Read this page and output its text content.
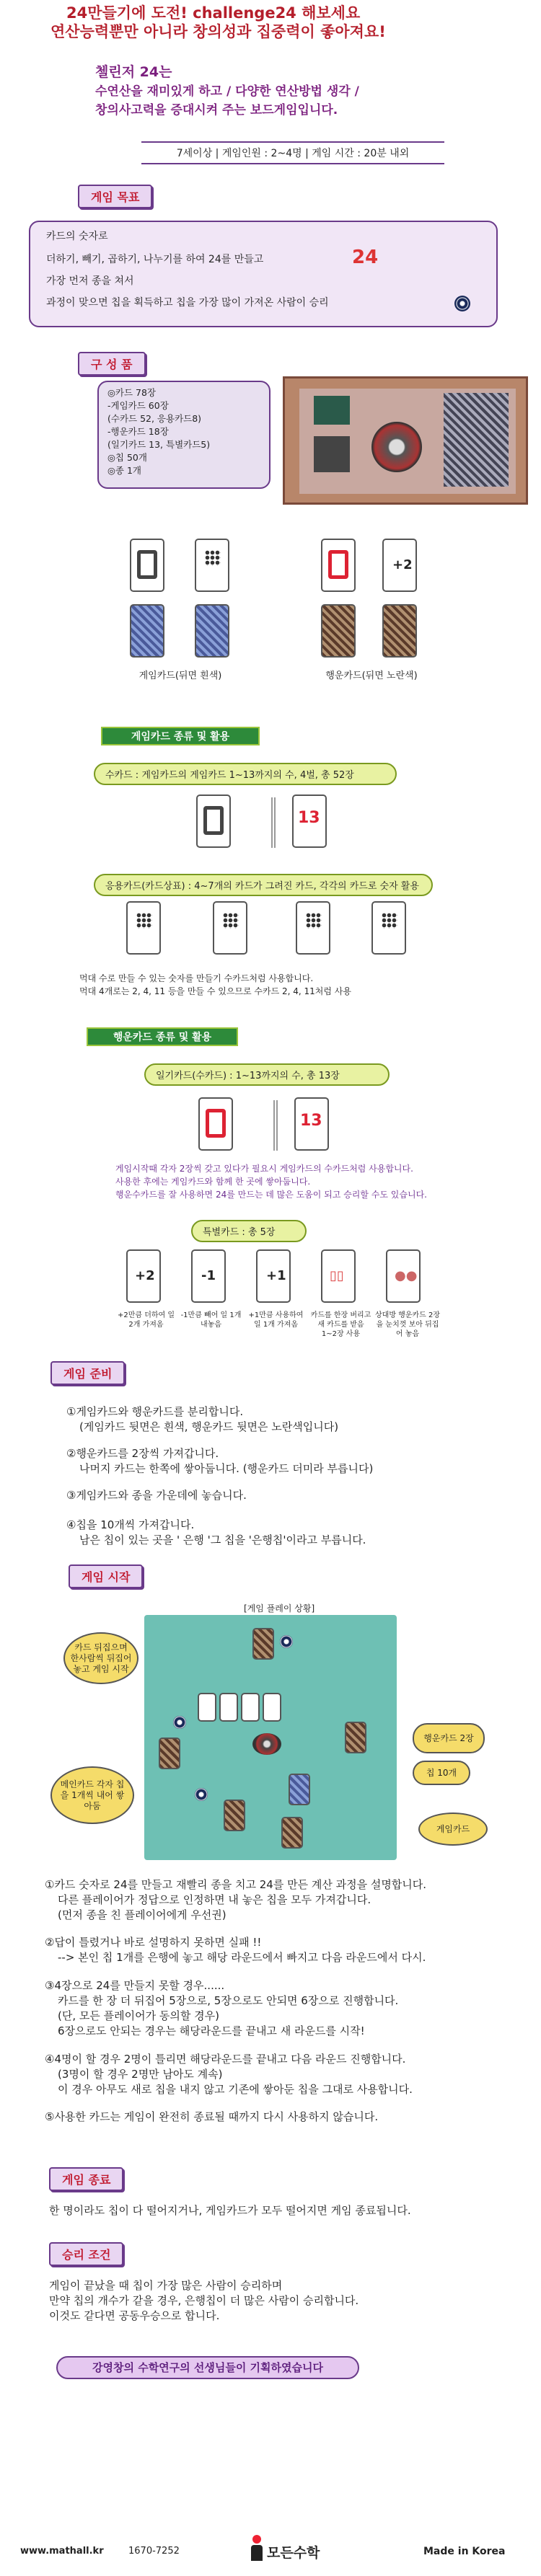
24만들기에 도전! challenge24 해보세요
연산능력뿐만 아니라 창의성과 집중력이 좋아져요!
첼린저 24는
수연산을 재미있게 하고 / 다양한 연산방법 생각 /
창의사고력을 증대시켜 주는 보드게임입니다.
7세이상 | 게임인원 : 2~4명 | 게임 시간 : 20분 내외
게임 목표
카드의 숫자로
더하기, 빼기, 곱하기, 나누기를 하여 24를 만들고	24
가장 먼저 종을 쳐서
과정이 맞으면 칩을 획득하고 칩을 가장 많이 가져온 사람이 승리
구 성 품
◎카드 78장
-게임카드 60장
(수카드 52, 응용카드8)
-행운카드 18장
(일기카드 13, 특별카드5)
◎칩 50개
◎종 1개
게임카드(뒤면 흰색)
+2
행운카드(뒤면 노란색)
게임카드 종류 및 활용
수카드 : 게임카드의 게임카드 1~13까지의 수, 4벌, 총 52장
13
응용카드(카드상표) : 4~7개의 카드가 그려진 카드, 각각의 카드로 숫자 활용
먹대 수로 만들 수 있는 숫자를 만들기 수카드처럼 사용합니다.
먹대 4개로는 2, 4, 11 등을 만들 수 있으므로 수카드 2, 4, 11처럼 사용
행운카드 종류 및 활용
일기카드(수카드) : 1~13까지의 수, 총 13장
13
게임시작때 각자 2장씩 갖고 있다가 필요시 게임카드의 수카드처럼 사용합니다.
사용한 후에는 게임카드와 함께 한 곳에 쌓아둡니다.
행운수카드를 잘 사용하면 24를 만드는 데 많은 도움이 되고 승리할 수도 있습니다.
특별카드 : 총 5장
+2	-1	+1	▯▯	●●
+2만큼 더하여 일 2개 가져옴
-1만큼 빼어 일 1개 내놓음
+1만큼 사용하여 일 1개 가져옴
카드를 한장 버리고 새 카드를 받음 1~2장 사용
상대방 행운카드 2장을 눈치껏 보아 뒤집어 놓음
게임 준비
①게임카드와 행운카드를 분리합니다.
(게임카드 뒷면은 흰색, 행운카드 뒷면은 노란색입니다)
②행운카드를 2장씩 가져갑니다.
나머지 카드는 한쪽에 쌓아둡니다. (행운카드 더미라 부릅니다)
③게임카드와 종을 가운데에 놓습니다.
④칩을 10개씩 가져갑니다.
남은 칩이 있는 곳을 ' 은행 '그 칩을 '은행칩'이라고 부릅니다.
게임 시작
[게임 플레이 상황]
카드 뒤집으며 한사람씩 뒤집어 놓고 게임 시작
행운카드 2장
칩 10개
메인카드 각자 칩을 1개씩 내어 쌓아둠
게임카드
①카드 숫자로 24를 만들고 재빨리 종을 치고 24를 만든 계산 과정을 설명합니다.
다른 플레이어가 정답으로 인정하면 내 놓은 칩을 모두 가져갑니다.
(먼저 종을 친 플레이어에게 우선권)
②답이 틀렸거나 바로 설명하지 못하면 실패 !!
--> 본인 칩 1개를 은행에 놓고 해당 라운드에서 빠지고 다음 라운드에서 다시.
③4장으로 24를 만들지 못할 경우......
카드를 한 장 더 뒤집어 5장으로, 5장으로도 안되면 6장으로 진행합니다.
(단, 모든 플레이어가 동의할 경우)
6장으로도 안되는 경우는 해당라운드를 끝내고 새 라운드를 시작!
④4명이 할 경우 2명이 틀리면 해당라운드를 끝내고 다음 라운드 진행합니다.
(3명이 할 경우 2명만 남아도 계속)
이 경우 아무도 새로 칩을 내지 않고 기존에 쌓아둔 칩을 그대로 사용합니다.
⑤사용한 카드는 게임이 완전히 종료될 때까지 다시 사용하지 않습니다.
게임 종료
한 명이라도 칩이 다 떨어지거나, 게임카드가 모두 떨어지면 게임 종료됩니다.
승리 조건
게임이 끝났을 때 칩이 가장 많은 사람이 승리하며
만약 칩의 개수가 같을 경우, 은행칩이 더 많은 사람이 승리합니다.
이것도 같다면 공동우승으로 합니다.
강영창의 수학연구의 선생님들이 기획하였습니다
www.mathall.kr	1670-7252	모든수학	Made in Korea
